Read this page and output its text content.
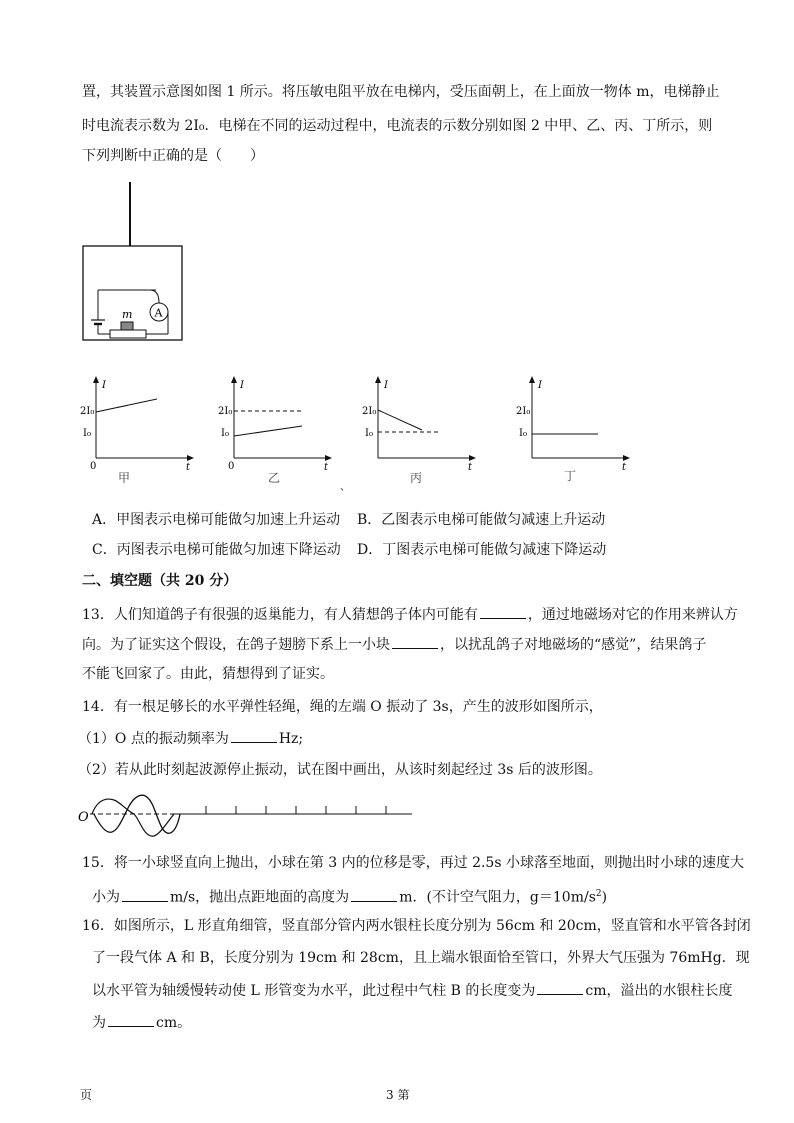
置，其装置示意图如图 1 所示。将压敏电阻平放在电梯内，受压面朝上，在上面放一物体 m，电梯静止
时电流表示数为 2I₀．电梯在不同的运动过程中，电流表的示数分别如图 2 中甲、乙、丙、丁所示，则
下列判断中正确的是（　　）
A
m
I
t
0
2I₀
I₀
甲
I
t
0
2I₀
I₀
乙
I
t
2I₀
I₀
丙
I
t
2I₀
I₀
丁
、
A．甲图表示电梯可能做匀加速上升运动 B．乙图表示电梯可能做匀减速上升运动
C．丙图表示电梯可能做匀加速下降运动 D．丁图表示电梯可能做匀减速下降运动
二、填空题（共 20 分）
13．人们知道鸽子有很强的返巢能力，有人猜想鸽子体内可能有	，通过地磁场对它的作用来辨认方
向。为了证实这个假设，在鸽子翅膀下系上一小块	，以扰乱鸽子对地磁场的“感觉”，结果鸽子
不能飞回家了。由此，猜想得到了证实。
14．有一根足够长的水平弹性轻绳，绳的左端 O 振动了 3s，产生的波形如图所示，
（1）O 点的振动频率为	Hz;
（2）若从此时刻起波源停止振动，试在图中画出，从该时刻起经过 3s 后的波形图。
O
15．将一小球竖直向上抛出，小球在第 3 内的位移是零，再过 2.5s 小球落至地面，则抛出时小球的速度大
小为	m/s，抛出点距地面的高度为	m．(不计空气阻力，$g=10m/s^2$)
16．如图所示，L 形直角细管，竖直部分管内两水银柱长度分别为 56cm 和 20cm，竖直管和水平管各封闭
了一段气体 A 和 B，长度分别为 19cm 和 28cm，且上端水银面恰至管口，外界大气压强为 76mHg．现
以水平管为轴缓慢转动使 L 形管变为水平，此过程中气柱 B 的长度变为	cm，溢出的水银柱长度
为	cm。
页	3 第
